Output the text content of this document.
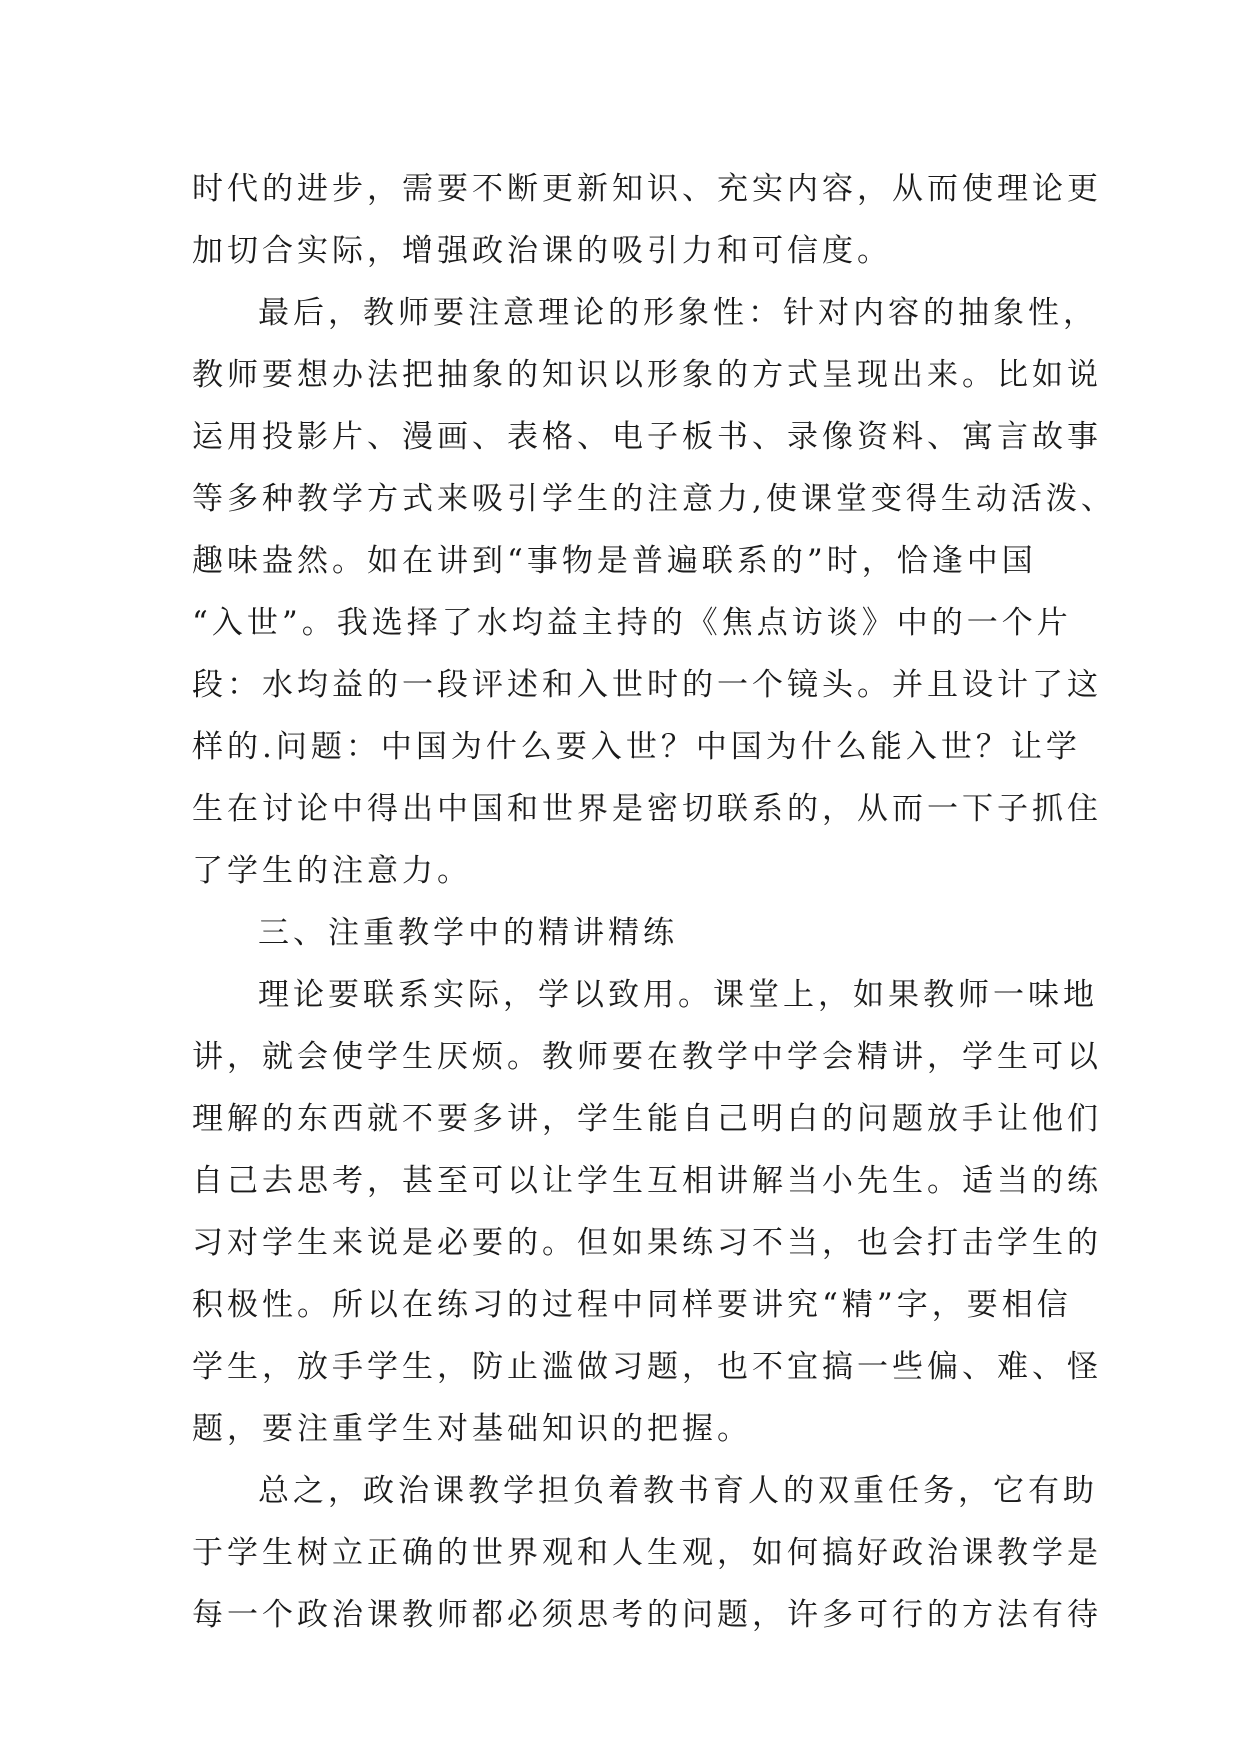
时代的进步，需要不断更新知识、充实内容，从而使理论更
加切合实际，增强政治课的吸引力和可信度。
最后，教师要注意理论的形象性：针对内容的抽象性，
教师要想办法把抽象的知识以形象的方式呈现出来。比如说
运用投影片、漫画、表格、电子板书、录像资料、寓言故事
等多种教学方式来吸引学生的注意力,使课堂变得生动活泼、
趣味盎然。如在讲到“事物是普遍联系的”时，恰逢中国
“入世”。我选择了水均益主持的《焦点访谈》中的一个片
段：水均益的一段评述和入世时的一个镜头。并且设计了这
样的.问题：中国为什么要入世？中国为什么能入世？让学
生在讨论中得出中国和世界是密切联系的，从而一下子抓住
了学生的注意力。
三、注重教学中的精讲精练
理论要联系实际，学以致用。课堂上，如果教师一味地
讲，就会使学生厌烦。教师要在教学中学会精讲，学生可以
理解的东西就不要多讲，学生能自己明白的问题放手让他们
自己去思考，甚至可以让学生互相讲解当小先生。适当的练
习对学生来说是必要的。但如果练习不当，也会打击学生的
积极性。所以在练习的过程中同样要讲究“精”字，要相信
学生，放手学生，防止滥做习题，也不宜搞一些偏、难、怪
题，要注重学生对基础知识的把握。
总之，政治课教学担负着教书育人的双重任务，它有助
于学生树立正确的世界观和人生观，如何搞好政治课教学是
每一个政治课教师都必须思考的问题，许多可行的方法有待
